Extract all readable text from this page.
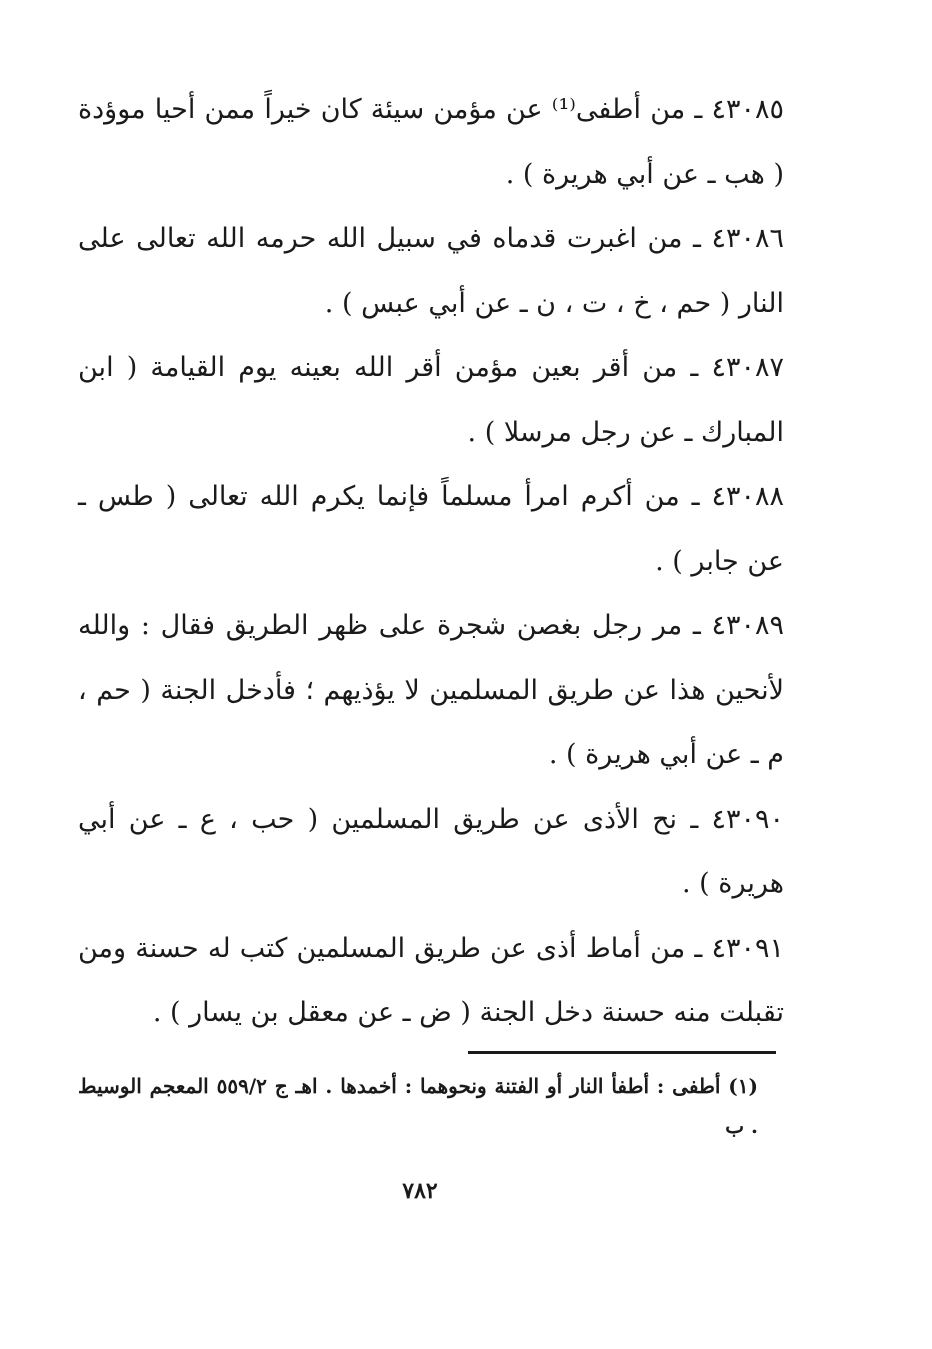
٤٣٠٨٥ ـ من أطفى⁽¹⁾ عن مؤمن سيئة كان خيراً ممن أحيا موؤدة ( هب ـ عن أبي هريرة ) .

٤٣٠٨٦ ـ من اغبرت قدماه في سبيل الله حرمه الله تعالى على النار ( حم ، خ ، ت ، ن ـ عن أبي عبس ) .

٤٣٠٨٧ ـ من أقر بعين مؤمن أقر الله بعينه يوم القيامة ( ابن المبارك ـ عن رجل مرسلا ) .

٤٣٠٨٨ ـ من أكرم امرأ مسلماً فإنما يكرم الله تعالى ( طس ـ عن جابر ) .

٤٣٠٨٩ ـ مر رجل بغصن شجرة على ظهر الطريق فقال : والله لأنحين هذا عن طريق المسلمين لا يؤذيهم ؛ فأدخل الجنة ( حم ، م ـ عن أبي هريرة ) .

٤٣٠٩٠ ـ نح الأذى عن طريق المسلمين ( حب ، ع ـ عن أبي هريرة ) .

٤٣٠٩١ ـ من أماط أذى عن طريق المسلمين كتب له حسنة ومن تقبلت منه حسنة دخل الجنة ( ض ـ عن معقل بن يسار ) .

(١) أطفى : أطفأ النار أو الفتنة ونحوهما : أخمدها . اهـ ج ٥٥٩/٢ المعجم الوسيط . ب

٧٨٢
